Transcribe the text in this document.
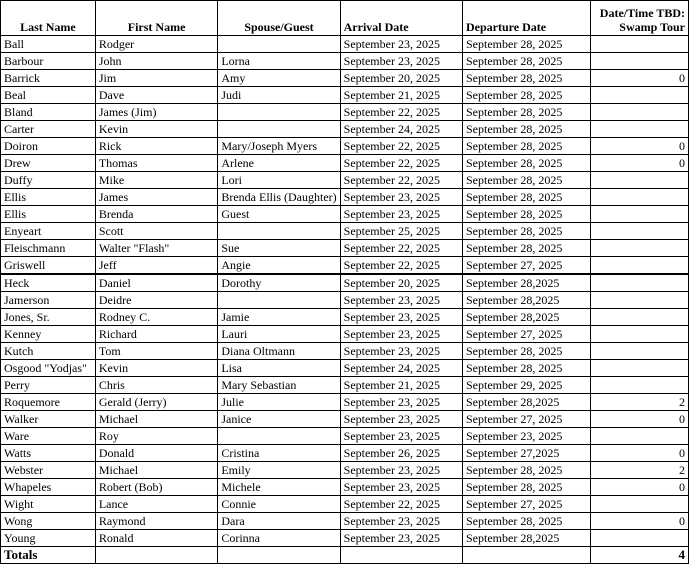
Last Name	First Name	Spouse/Guest	Arrival Date	Departure Date	Date/Time TBD:
Swamp Tour
Ball	Rodger		September 23, 2025	September 28, 2025	
Barbour	John	Lorna	September 23, 2025	September 28, 2025	
Barrick	Jim	Amy	September 20, 2025	September 28, 2025	0
Beal	Dave	Judi	September 21, 2025	September 28, 2025	
Bland	James (Jim)		September 22, 2025	September 28, 2025	
Carter	Kevin		September 24, 2025	September 28, 2025	
Doiron	Rick	Mary/Joseph Myers	September 22, 2025	September 28, 2025	0
Drew	Thomas	Arlene	September 22, 2025	September 28, 2025	0
Duffy	Mike	Lori	September 22, 2025	September 28, 2025	
Ellis	James	Brenda Ellis (Daughter)	September 23, 2025	September 28, 2025	
Ellis	Brenda	Guest	September 23, 2025	September 28, 2025	
Enyeart	Scott		September 25, 2025	September 28, 2025	
Fleischmann	Walter "Flash"	Sue	September 22, 2025	September 28, 2025	
Griswell	Jeff	Angie	September 22, 2025	September 27, 2025	
Heck	Daniel	Dorothy	September 20, 2025	September 28,2025	
Jamerson	Deidre		September 23, 2025	September 28,2025	
Jones, Sr.	Rodney C.	Jamie	September 23, 2025	September 28,2025	
Kenney	Richard	Lauri	September 23, 2025	September 27, 2025	
Kutch	Tom	Diana Oltmann	September 23, 2025	September 28, 2025	
Osgood "Yodjas"	Kevin	Lisa	September 24, 2025	September 28, 2025	
Perry	Chris	Mary Sebastian	September 21, 2025	September 29, 2025	
Roquemore	Gerald (Jerry)	Julie	September 23, 2025	September 28,2025	2
Walker	Michael	Janice	September 23, 2025	September 27, 2025	0
Ware	Roy		September 23, 2025	September 23, 2025	
Watts	Donald	Cristina	September 26, 2025	September 27,2025	0
Webster	Michael	Emily	September 23, 2025	September 28, 2025	2
Whapeles	Robert (Bob)	Michele	September 23, 2025	September 28, 2025	0
Wight	Lance	Connie	September 22, 2025	September 27, 2025	
Wong	Raymond	Dara	September 23, 2025	September 28, 2025	0
Young	Ronald	Corinna	September 23, 2025	September 28,2025	
Totals					4
